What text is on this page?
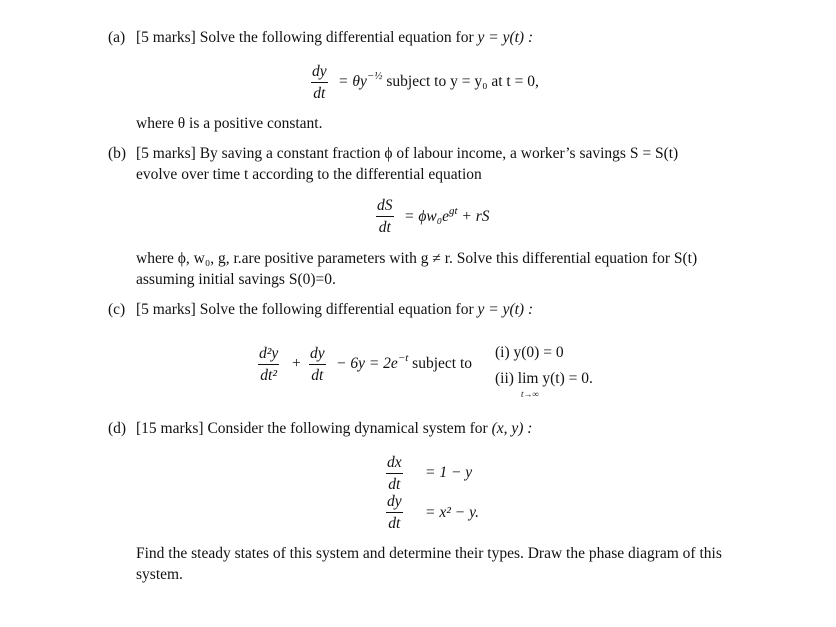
(a) [5 marks] Solve the following differential equation for y = y(t) :
dy
dt
= $\theta y^{-\frac{1}{2}}$ subject to y = y₀ at t = 0,
where θ is a positive constant.
(b) [5 marks] By saving a constant fraction ϕ of labour income, a worker’s savings S = S(t)
evolve over time t according to the differential equation
dS
dt
= $\phi w_0e^{gt}$ + rS
where ϕ, w₀, g, r.are positive parameters with g ≠ r. Solve this differential equation for S(t)
assuming initial savings S(0)=0.
(c) [5 marks] Solve the following differential equation for y = y(t) :
d²y
dt²
+
dy
dt
− $6y = 2e^{-t}$ subject to
(i) y(0) = 0
(ii) lim y(t) = 0.
t→∞
(d) [15 marks] Consider the following dynamical system for (x, y) :
dx
dt
= 1 − y
dy
dt
= x² − y.
Find the steady states of this system and determine their types. Draw the phase diagram of this
system.
